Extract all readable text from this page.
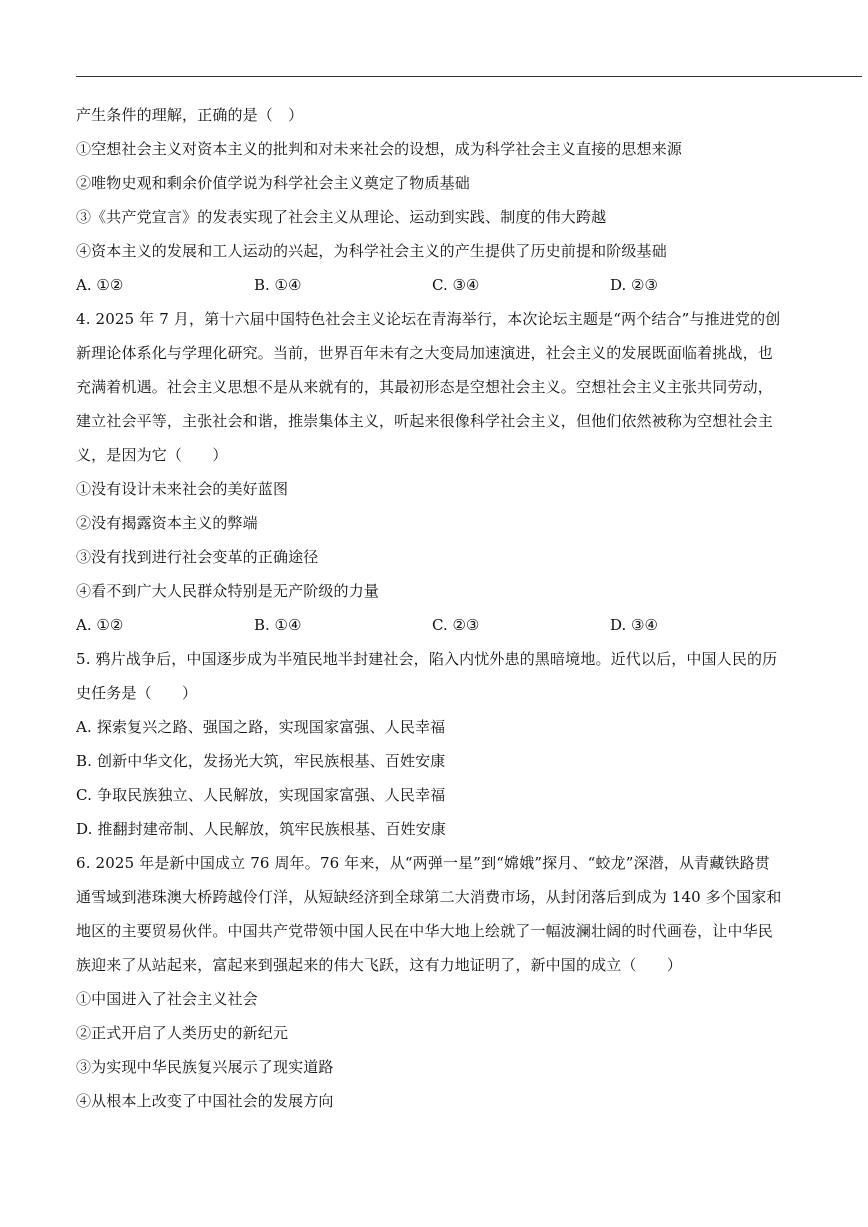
产生条件的理解，正确的是（　）
①空想社会主义对资本主义的批判和对未来社会的设想，成为科学社会主义直接的思想来源
②唯物史观和剩余价值学说为科学社会主义奠定了物质基础
③《共产党宣言》的发表实现了社会主义从理论、运动到实践、制度的伟大跨越
④资本主义的发展和工人运动的兴起，为科学社会主义的产生提供了历史前提和阶级基础
A. ①②	B. ①④	C. ③④	D. ②③
4. 2025 年 7 月，第十六届中国特色社会主义论坛在青海举行，本次论坛主题是“两个结合”与推进党的创
新理论体系化与学理化研究。当前，世界百年未有之大变局加速演进，社会主义的发展既面临着挑战，也
充满着机遇。社会主义思想不是从来就有的，其最初形态是空想社会主义。空想社会主义主张共同劳动，
建立社会平等，主张社会和谐，推崇集体主义，听起来很像科学社会主义，但他们依然被称为空想社会主
义，是因为它（　　）
①没有设计未来社会的美好蓝图
②没有揭露资本主义的弊端
③没有找到进行社会变革的正确途径
④看不到广大人民群众特别是无产阶级的力量
A. ①②	B. ①④	C. ②③	D. ③④
5. 鸦片战争后，中国逐步成为半殖民地半封建社会，陷入内忧外患的黑暗境地。近代以后，中国人民的历
史任务是（　　）
A. 探索复兴之路、强国之路，实现国家富强、人民幸福
B. 创新中华文化，发扬光大筑，牢民族根基、百姓安康
C. 争取民族独立、人民解放，实现国家富强、人民幸福
D. 推翻封建帝制、人民解放，筑牢民族根基、百姓安康
6. 2025 年是新中国成立 76 周年。76 年来，从“两弹一星”到“嫦娥”探月、“蛟龙”深潜，从青藏铁路贯
通雪域到港珠澳大桥跨越伶仃洋，从短缺经济到全球第二大消费市场，从封闭落后到成为 140 多个国家和
地区的主要贸易伙伴。中国共产党带领中国人民在中华大地上绘就了一幅波澜壮阔的时代画卷，让中华民
族迎来了从站起来，富起来到强起来的伟大飞跃，这有力地证明了，新中国的成立（　　）
①中国进入了社会主义社会
②正式开启了人类历史的新纪元
③为实现中华民族复兴展示了现实道路
④从根本上改变了中国社会的发展方向
